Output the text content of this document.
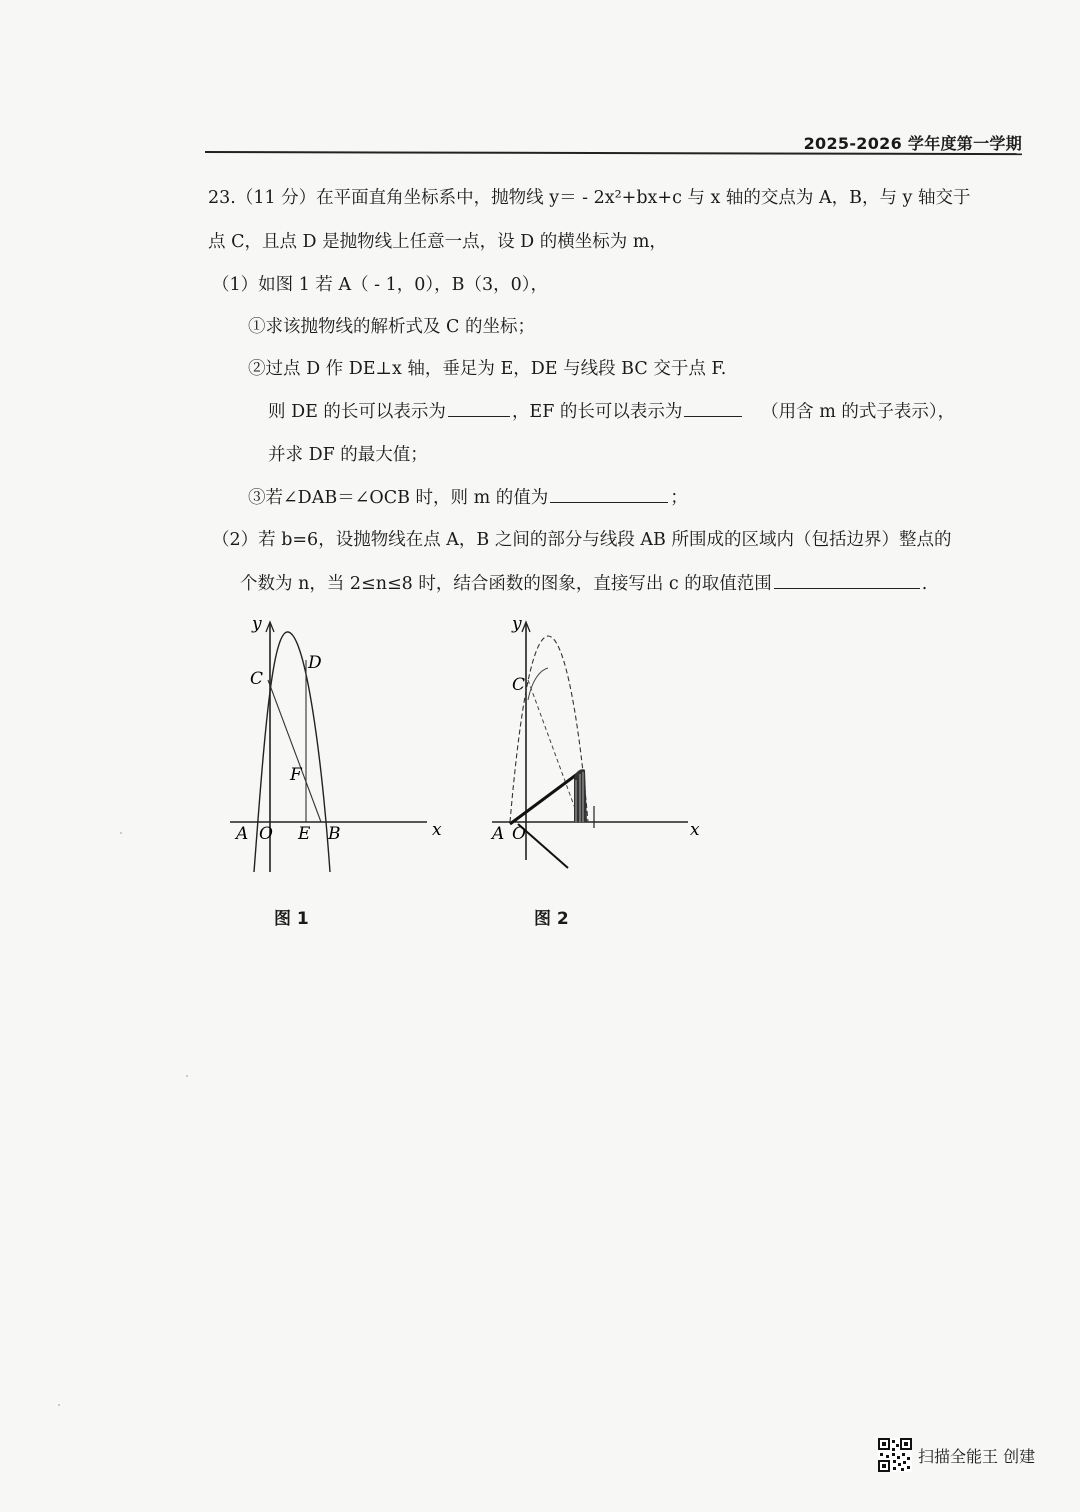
2025-2026 学年度第一学期
23.（11 分）在平面直角坐标系中，抛物线 y＝ - 2x²+bx+c 与 x 轴的交点为 A，B，与 y 轴交于
点 C，且点 D 是抛物线上任意一点，设 D 的横坐标为 m，
（1）如图 1 若 A（ - 1，0），B（3，0），
①求该抛物线的解析式及 C 的坐标；
②过点 D 作 DE⊥x 轴，垂足为 E，DE 与线段 BC 交于点 F.
则 DE 的长可以表示为	，EF 的长可以表示为	（用含 m 的式子表示），
并求 DF 的最大值；
③若∠DAB＝∠OCB 时，则 m 的值为	；
（2）若 b=6，设抛物线在点 A，B 之间的部分与线段 AB 所围成的区域内（包括边界）整点的
个数为 n，当 2≤n≤8 时，结合函数的图象，直接写出 c 的取值范围	.
y
x
A O E B
C
D
F
图 1
y
x
A O
C
图 2
扫描全能王 创建
